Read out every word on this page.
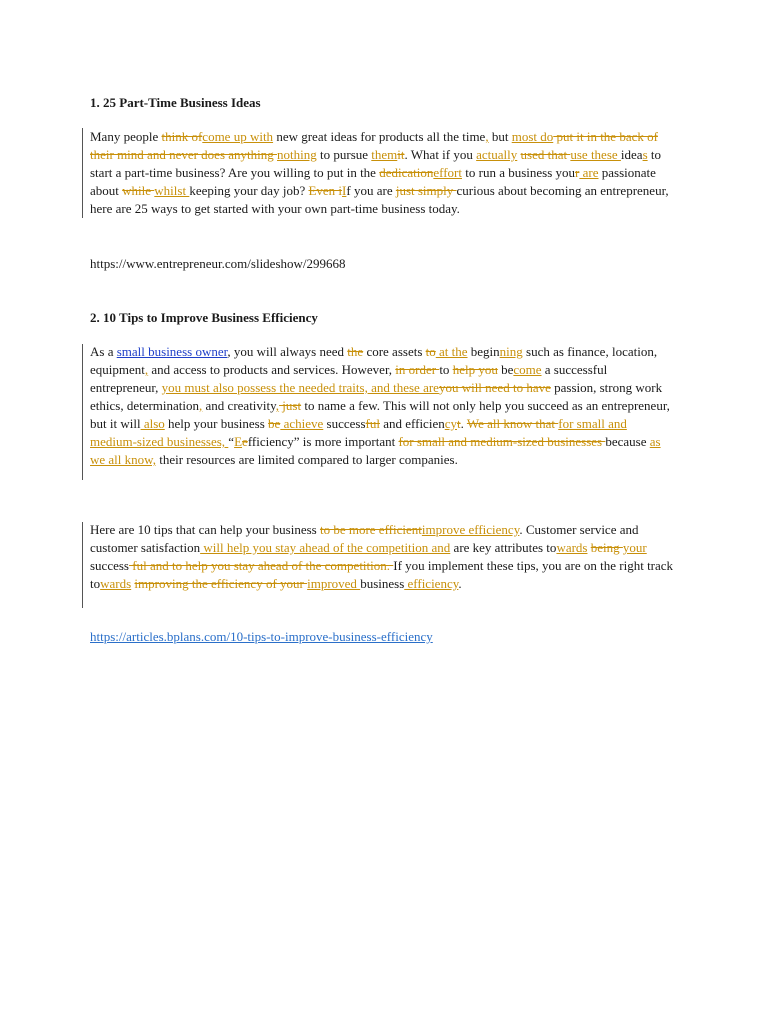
1. 25 Part-Time Business Ideas
Many people think ofcome up with new great ideas for products all the time, but most do put it in the back of their mind and never does anything nothing to pursue themit. What if you actually used that use these ideas to start a part-time business? Are you willing to put in the dedicationeffort to run a business your are passionate about while whilst keeping your day job? Even iIf you are just simply curious about becoming an entrepreneur, here are 25 ways to get started with your own part-time business today.
https://www.entrepreneur.com/slideshow/299668
2. 10 Tips to Improve Business Efficiency
As a small business owner, you will always need the core assets to at the beginning such as finance, location, equipment, and access to products and services. However, in order to help you become a successful entrepreneur, you must also possess the needed traits, and these areyou will need to have passion, strong work ethics, determination, and creativity, just to name a few. This will not only help you succeed as an entrepreneur, but it will also help your business be achieve successful and efficiencyt. We all know that for small and medium-sized businesses, “Eefficiency” is more important for small and medium-sized businesses because as we all know, their resources are limited compared to larger companies.
Here are 10 tips that can help your business to be more efficientimprove efficiency. Customer service and customer satisfaction will help you stay ahead of the competition and are key attributes towards being your success ful and to help you stay ahead of the competition. If you implement these tips, you are on the right track towards improving the efficiency of your improved business efficiency.
https://articles.bplans.com/10-tips-to-improve-business-efficiency
